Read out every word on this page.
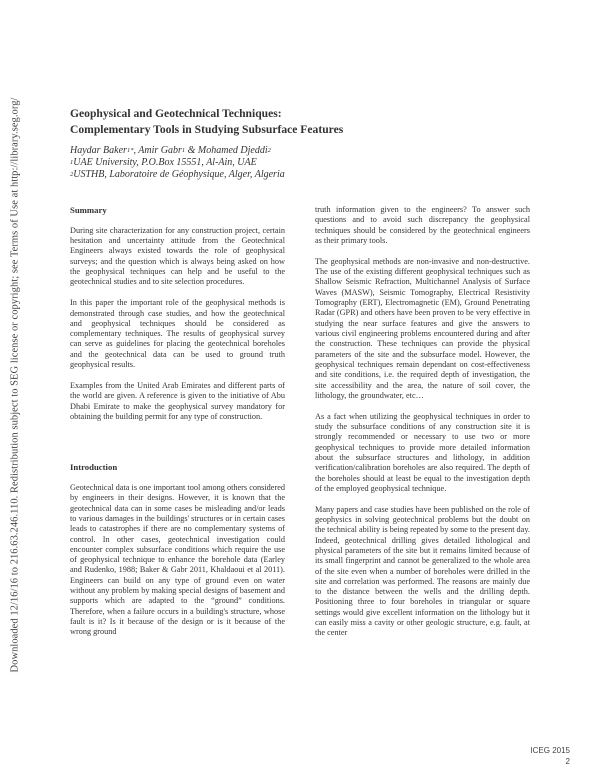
Downloaded 12/16/16 to 216.63.246.110. Redistribution subject to SEG license or copyright; see Terms of Use at http://library.seg.org/	Geophysical and Geotechnical Techniques:
Complementary Tools in Studying Subsurface Features
Haydar Baker$^{1*}$, Amir Gabr$^1$ & Mohamed Djeddi$^2$
$^1$UAE University, P.O.Box 15551, Al-Ain, UAE
$^2$USTHB, Laboratoire de Géophysique, Alger, Algeria

Summary

During site characterization for any construction project, certain hesitation and uncertainty attitude from the Geotechnical Engineers always existed towards the role of geophysical surveys; and the question which is always being asked on how the geophysical techniques can help and be useful to the geotechnical studies and to site selection procedures.

In this paper the important role of the geophysical methods is demonstrated through case studies, and how the geotechnical and geophysical techniques should be considered as complementary techniques. The results of geophysical survey can serve as guidelines for placing the geotechnical boreholes and the geotechnical data can be used to ground truth geophysical results.

Examples from the United Arab Emirates and different parts of the world are given. A reference is given to the initiative of Abu Dhabi Emirate to make the geophysical survey mandatory for obtaining the building permit for any type of construction.

Introduction

Geotechnical data is one important tool among others considered by engineers in their designs. However, it is known that the geotechnical data can in some cases be misleading and/or leads to various damages in the buildings' structures or in certain cases leads to catastrophes if there are no complementary systems of control. In other cases, geotechnical investigation could encounter complex subsurface conditions which require the use of geophysical technique to enhance the borehole data (Earley and Rudenko, 1988; Baker & Gabr 2011, Khaldaoui et al 2011). Engineers can build on any type of ground even on water without any problem by making special designs of basement and supports which are adapted to the “ground” conditions. Therefore, when a failure occurs in a building's structure, whose fault is it? Is it because of the design or is it because of the wrong ground

truth information given to the engineers? To answer such questions and to avoid such discrepancy the geophysical techniques should be considered by the geotechnical engineers as their primary tools.

The geophysical methods are non-invasive and non-destructive. The use of the existing different geophysical techniques such as Shallow Seismic Refraction, Multichannel Analysis of Surface Waves (MASW), Seismic Tomography, Electrical Resistivity Tomography (ERT), Electromagnetic (EM), Ground Penetrating Radar (GPR) and others have been proven to be very effective in studying the near surface features and give the answers to various civil engineering problems encountered during and after the construction. These techniques can provide the physical parameters of the site and the subsurface model. However, the geophysical techniques remain dependant on cost-effectiveness and site conditions, i.e. the required depth of investigation, the site accessibility and the area, the nature of soil cover, the lithology, the groundwater, etc…

As a fact when utilizing the geophysical techniques in order to study the subsurface conditions of any construction site it is strongly recommended or necessary to use two or more geophysical techniques to provide more detailed information about the subsurface structures and lithology, in addition verification/calibration boreholes are also required. The depth of the boreholes should at least be equal to the investigation depth of the employed geophysical technique.

Many papers and case studies have been published on the role of geophysics in solving geotechnical problems but the doubt on the technical ability is being repeated by some to the present day. Indeed, geotechnical drilling gives detailed lithological and physical parameters of the site but it remains limited because of its small fingerprint and cannot be generalized to the whole area of the site even when a number of boreholes were drilled in the site and correlation was performed. The reasons are mainly due to the distance between the wells and the drilling depth. Positioning three to four boreholes in triangular or square settings would give excellent information on the lithology but it can easily miss a cavity or other geologic structure, e.g. fault, at the center

ICEG 2015
2
